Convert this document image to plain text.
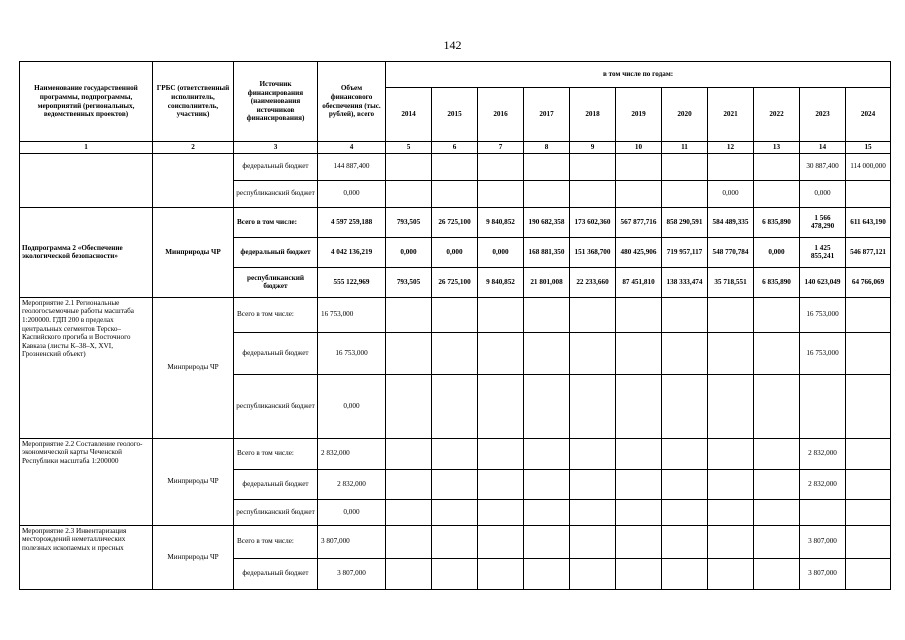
142
Наименование государственной программы, подпрограммы, мероприятий (региональных, ведомственных проектов)	ГРБС (ответственный исполнитель, соисполнитель, участник)	Источник финансирования (наименования источников финансирования)	Объем финансового обеспечения (тыс. рублей), всего	в том числе по годам:										
				2014	2015	2016	2017	2018	2019	2020	2021	2022	2023	2024
1	2	3	4	5	6	7	8	9	10	11	12	13	14	15
		федеральный бюджет	144 887,400										30 887,400	114 000,000
		республиканский бюджет	0,000								0,000		0,000	
Подпрограмма 2 «Обеспечение экологической безопасности»	Минприроды ЧР	Всего в том числе:	4 597 259,188	793,505	26 725,100	9 840,852	190 682,358	173 602,360	567 877,716	858 290,591	584 489,335	6 835,890	1 566 478,290	611 643,190
		федеральный бюджет	4 042 136,219	0,000	0,000	0,000	168 881,350	151 368,700	480 425,906	719 957,117	548 770,784	0,000	1 425 855,241	546 877,121
		республиканский бюджет	555 122,969	793,505	26 725,100	9 840,852	21 801,008	22 233,660	87 451,810	138 333,474	35 718,551	6 835,890	140 623,049	64 766,069
Мероприятие 2.1 Региональные геологосъемочные работы масштаба 1:200000. ГДП 200 в пределах центральных сегментов Терско–Каспийского прогиба и Восточного Кавказа (листы К–38–X, XVI, Грозненский объект)	Минприроды ЧР	Всего в том числе:	16 753,000										16 753,000	
		федеральный бюджет	16 753,000										16 753,000	
		республиканский бюджет	0,000											
Мероприятие 2.2 Составление геолого-экономической карты Чеченской Республики масштаба 1:200000	Минприроды ЧР	Всего в том числе:	2 832,000										2 832,000	
		федеральный бюджет	2 832,000										2 832,000	
		республиканский бюджет	0,000											
Мероприятие 2.3 Инвентаризация месторождений неметаллических полезных ископаемых и пресных	Минприроды ЧР	Всего в том числе:	3 807,000										3 807,000	
		федеральный бюджет	3 807,000										3 807,000	
